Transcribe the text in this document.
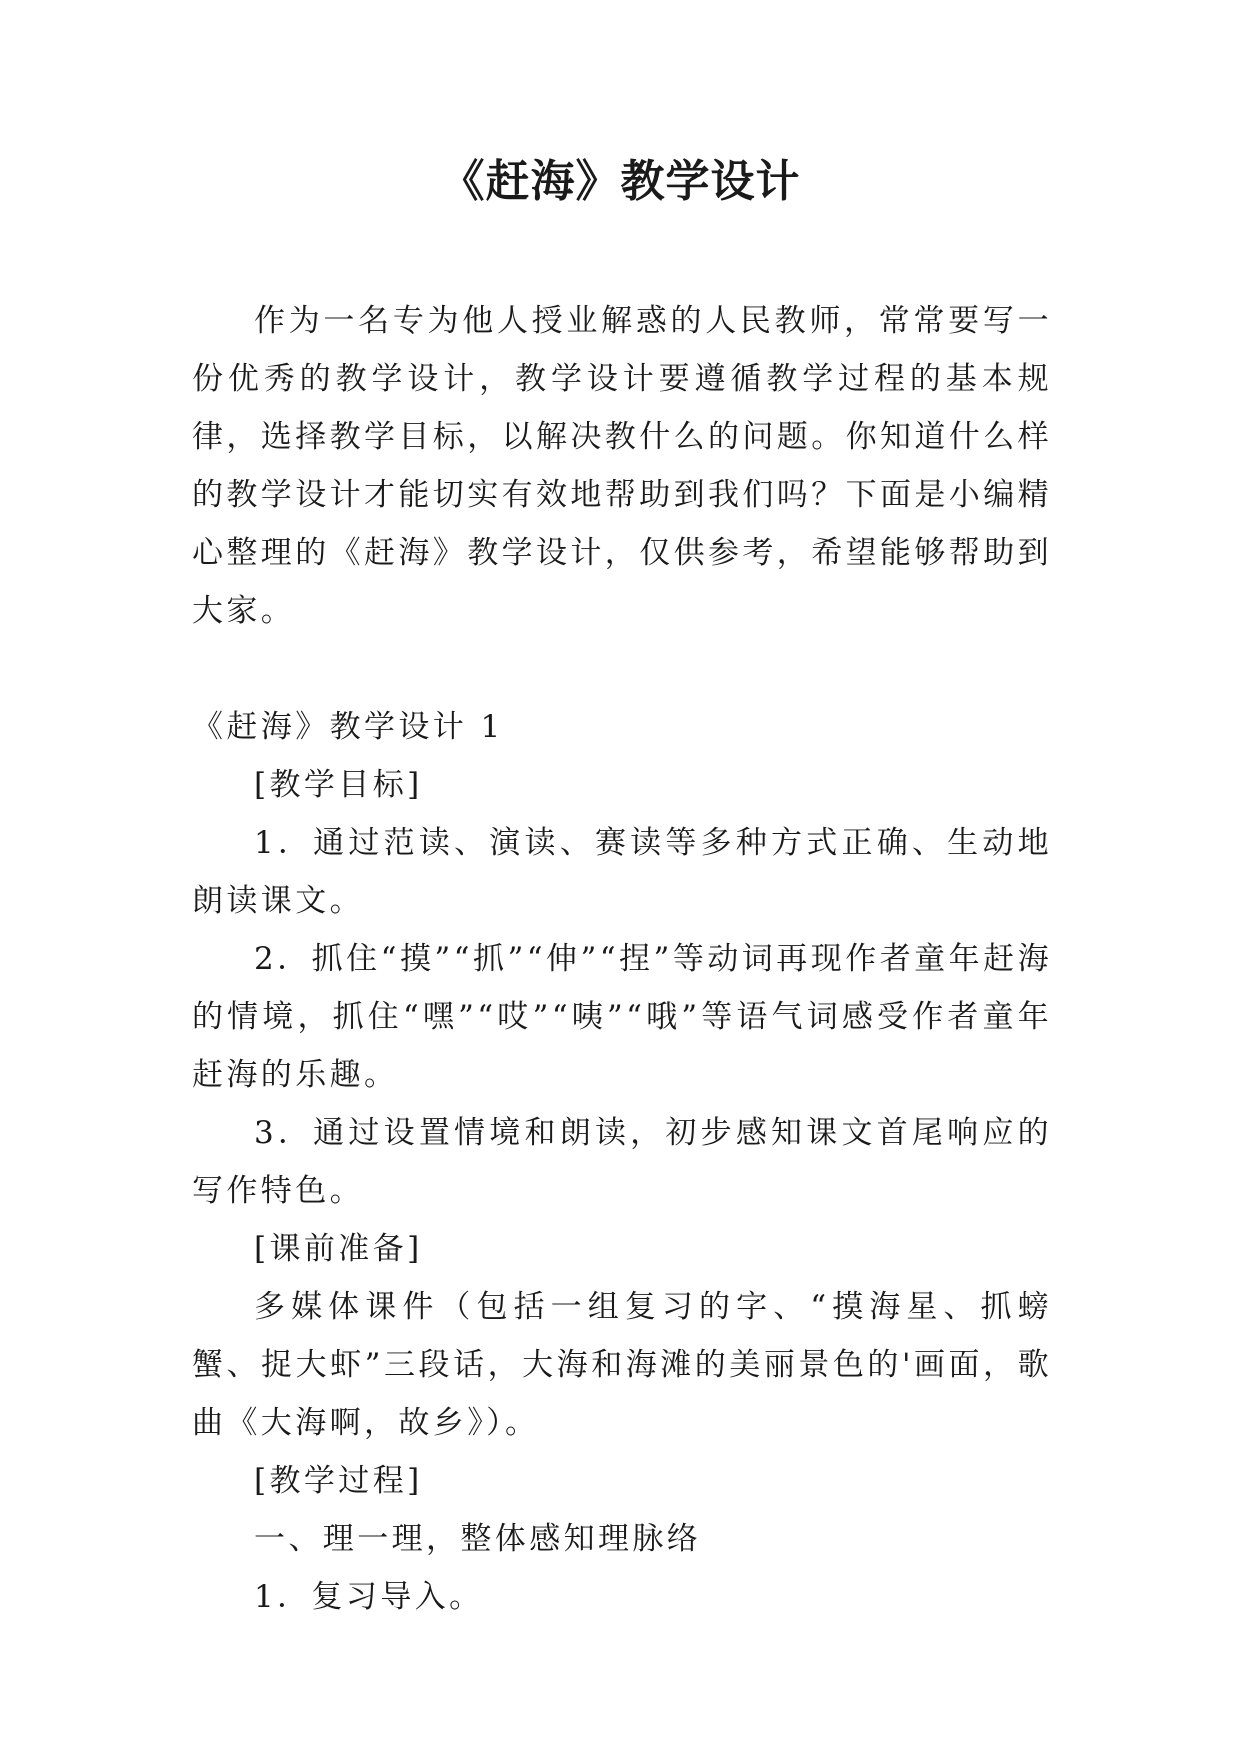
《赶海》教学设计

作为一名专为他人授业解惑的人民教师，常常要写一份优秀的教学设计，教学设计要遵循教学过程的基本规律，选择教学目标，以解决教什么的问题。你知道什么样的教学设计才能切实有效地帮助到我们吗？下面是小编精心整理的《赶海》教学设计，仅供参考，希望能够帮助到大家。

《赶海》教学设计 1

[教学目标]

1．通过范读、演读、赛读等多种方式正确、生动地朗读课文。

2．抓住“摸”“抓”“伸”“捏”等动词再现作者童年赶海的情境，抓住“嘿”“哎”“咦”“哦”等语气词感受作者童年赶海的乐趣。

3．通过设置情境和朗读，初步感知课文首尾响应的写作特色。

[课前准备]

多媒体课件（包括一组复习的字、“摸海星、抓螃蟹、捉大虾”三段话，大海和海滩的美丽景色的'画面，歌曲《大海啊，故乡》）。

[教学过程]

一、理一理，整体感知理脉络

1．复习导入。
